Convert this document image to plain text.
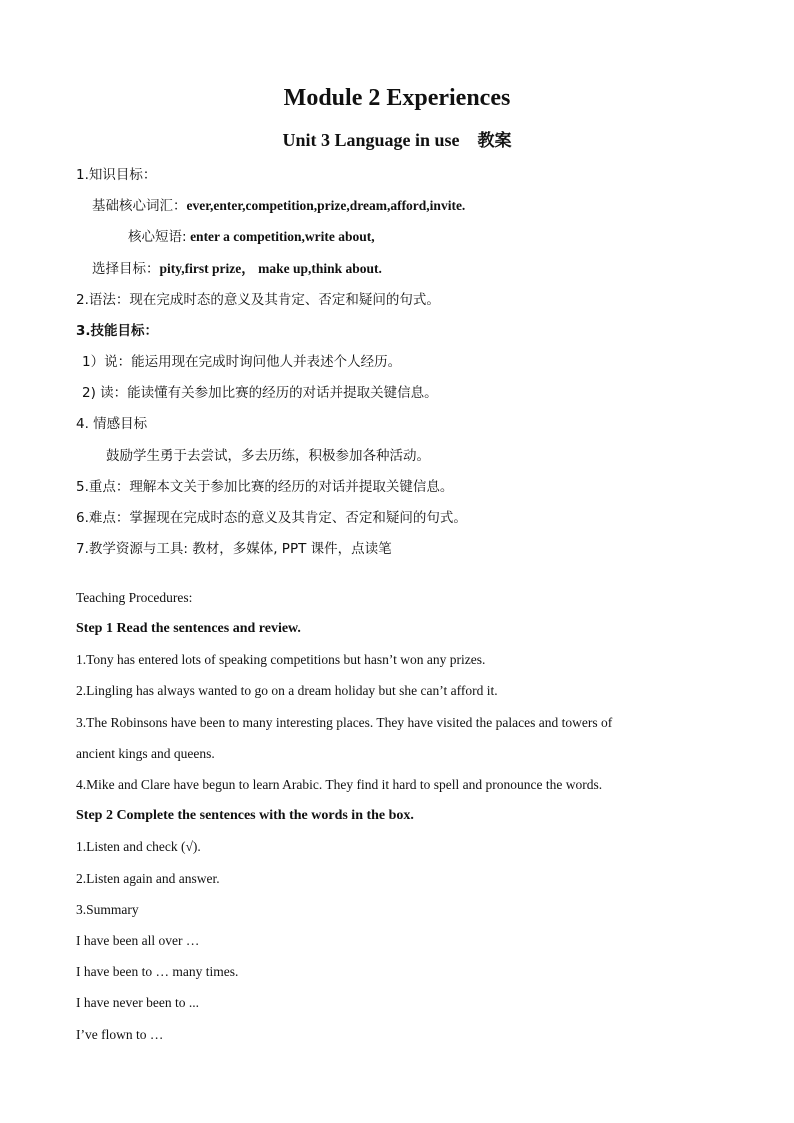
Module 2 Experiences
Unit 3 Language in use 教案
1.知识目标：
基础核心词汇：ever,enter,competition,prize,dream,afford,invite.
核心短语: enter a competition,write about,
选择目标：pity,first prize， make up,think about.
2.语法：现在完成时态的意义及其肯定、否定和疑问的句式。
3.技能目标：
1）说：能运用现在完成时询问他人并表述个人经历。
2) 读：能读懂有关参加比赛的经历的对话并提取关键信息。
4. 情感目标
鼓励学生勇于去尝试，多去历练，积极参加各种活动。
5.重点：理解本文关于参加比赛的经历的对话并提取关键信息。
6.难点：掌握现在完成时态的意义及其肯定、否定和疑问的句式。
7.教学资源与工具: 教材，多媒体, PPT 课件，点读笔
Teaching Procedures:
Step 1 Read the sentences and review.
1.Tony has entered lots of speaking competitions but hasn’t won any prizes.
2.Lingling has always wanted to go on a dream holiday but she can’t afford it.
3.The Robinsons have been to many interesting places. They have visited the palaces and towers of
ancient kings and queens.
4.Mike and Clare have begun to learn Arabic. They find it hard to spell and pronounce the words.
Step 2 Complete the sentences with the words in the box.
1.Listen and check (√).
2.Listen again and answer.
3.Summary
I have been all over …
I have been to … many times.
I have never been to ...
I’ve flown to …
